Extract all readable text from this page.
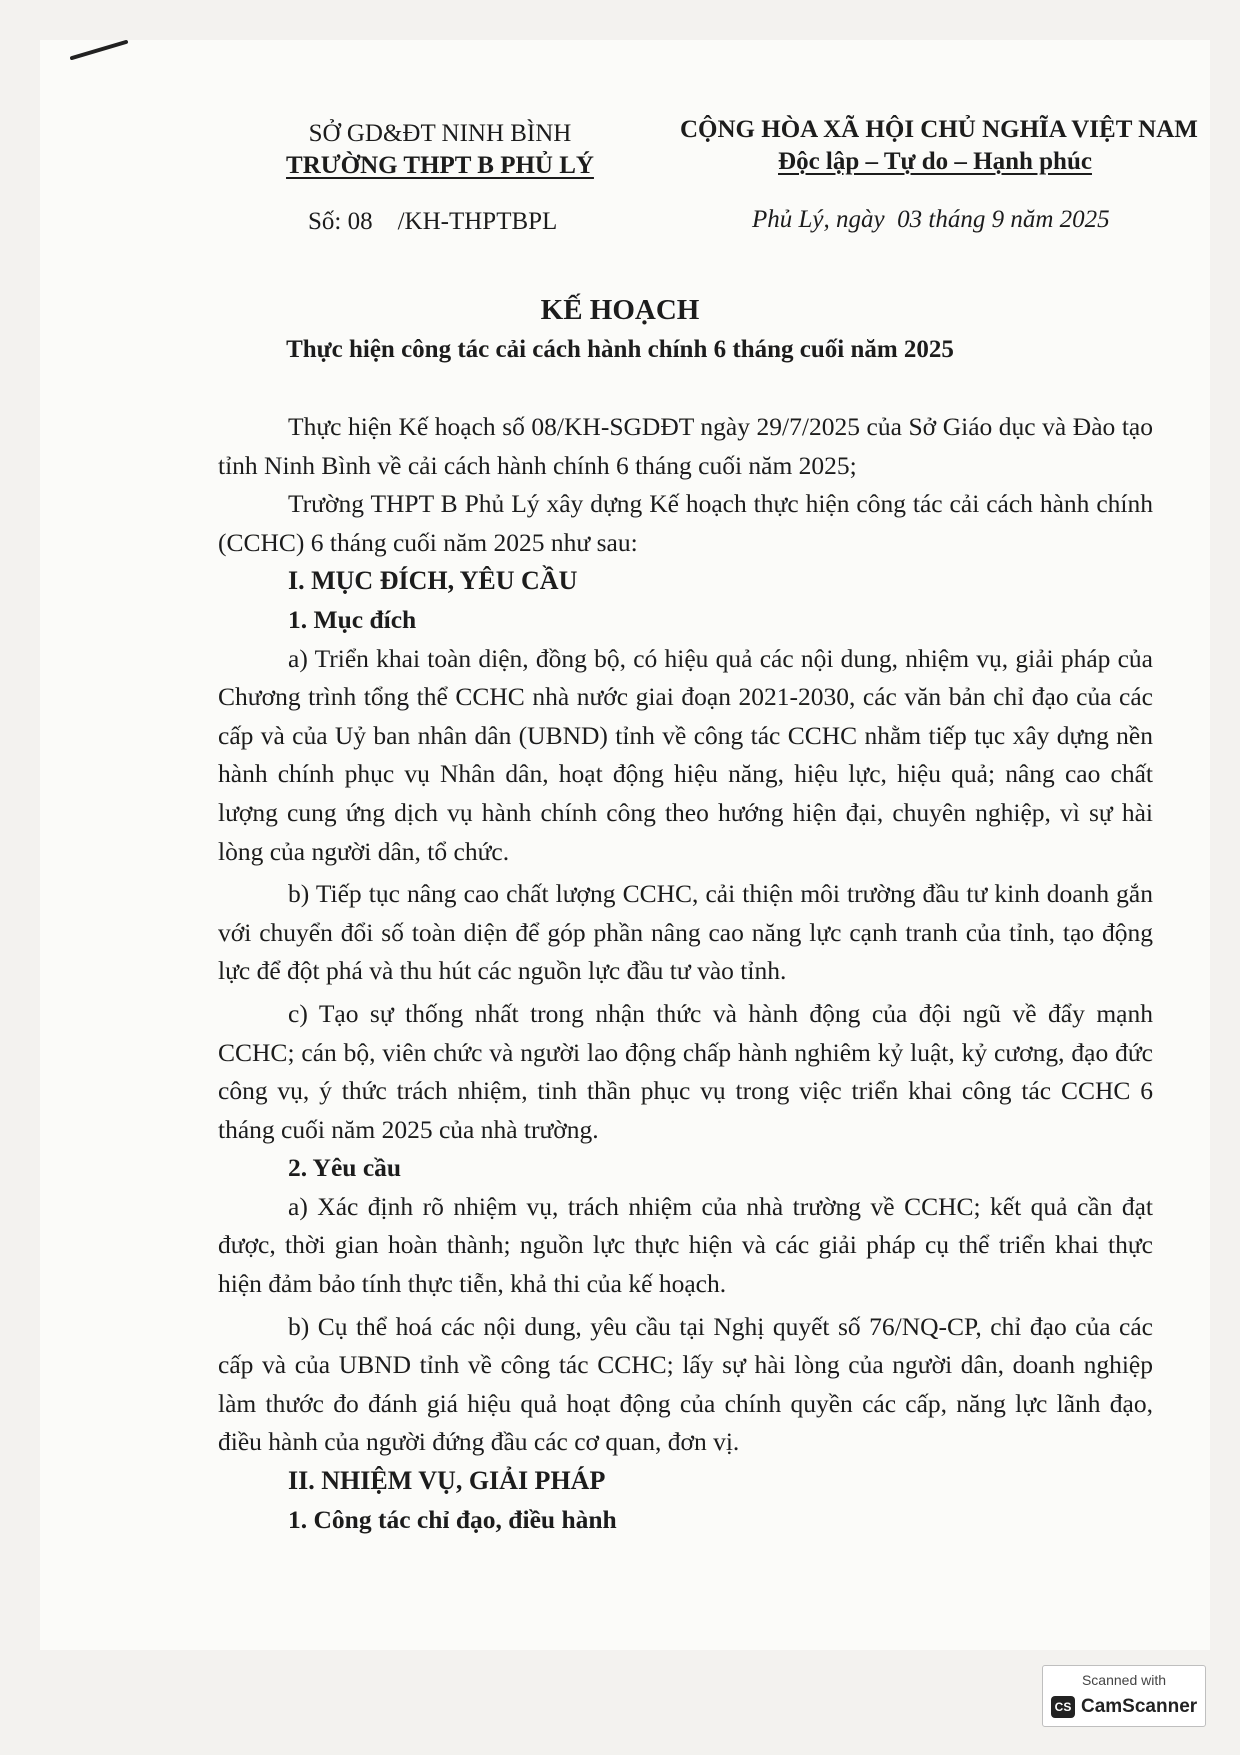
SỞ GD&ĐT NINH BÌNH
TRƯỜNG THPT B PHỦ LÝ
CỘNG HÒA XÃ HỘI CHỦ NGHĨA VIỆT NAM
Độc lập – Tự do – Hạnh phúc
Số: 08    /KH-THPTBPL	Phủ Lý, ngày  03 tháng 9 năm 2025
KẾ HOẠCH
Thực hiện công tác cải cách hành chính 6 tháng cuối năm 2025

Thực hiện Kế hoạch số 08/KH-SGDĐT ngày 29/7/2025 của Sở Giáo dục và Đào tạo tỉnh Ninh Bình về cải cách hành chính 6 tháng cuối năm 2025;

Trường THPT B Phủ Lý xây dựng Kế hoạch thực hiện công tác cải cách hành chính (CCHC) 6 tháng cuối năm 2025 như sau:

I. MỤC ĐÍCH, YÊU CẦU

1. Mục đích

a) Triển khai toàn diện, đồng bộ, có hiệu quả các nội dung, nhiệm vụ, giải pháp của Chương trình tổng thể CCHC nhà nước giai đoạn 2021-2030, các văn bản chỉ đạo của các cấp và của Uỷ ban nhân dân (UBND) tỉnh về công tác CCHC nhằm tiếp tục xây dựng nền hành chính phục vụ Nhân dân, hoạt động hiệu năng, hiệu lực, hiệu quả; nâng cao chất lượng cung ứng dịch vụ hành chính công theo hướng hiện đại, chuyên nghiệp, vì sự hài lòng của người dân, tổ chức.

b) Tiếp tục nâng cao chất lượng CCHC, cải thiện môi trường đầu tư kinh doanh gắn với chuyển đổi số toàn diện để góp phần nâng cao năng lực cạnh tranh của tỉnh, tạo động lực để đột phá và thu hút các nguồn lực đầu tư vào tỉnh.

c) Tạo sự thống nhất trong nhận thức và hành động của đội ngũ về đẩy mạnh CCHC; cán bộ, viên chức và người lao động chấp hành nghiêm kỷ luật, kỷ cương, đạo đức công vụ, ý thức trách nhiệm, tinh thần phục vụ trong việc triển khai công tác CCHC 6 tháng cuối năm 2025 của nhà trường.

2. Yêu cầu

a) Xác định rõ nhiệm vụ, trách nhiệm của nhà trường về CCHC; kết quả cần đạt được, thời gian hoàn thành; nguồn lực thực hiện và các giải pháp cụ thể triển khai thực hiện đảm bảo tính thực tiễn, khả thi của kế hoạch.

b) Cụ thể hoá các nội dung, yêu cầu tại Nghị quyết số 76/NQ-CP, chỉ đạo của các cấp và của UBND tỉnh về công tác CCHC; lấy sự hài lòng của người dân, doanh nghiệp làm thước đo đánh giá hiệu quả hoạt động của chính quyền các cấp, năng lực lãnh đạo, điều hành của người đứng đầu các cơ quan, đơn vị.

II. NHIỆM VỤ, GIẢI PHÁP

1. Công tác chỉ đạo, điều hành

Scanned with
CS CamScanner
